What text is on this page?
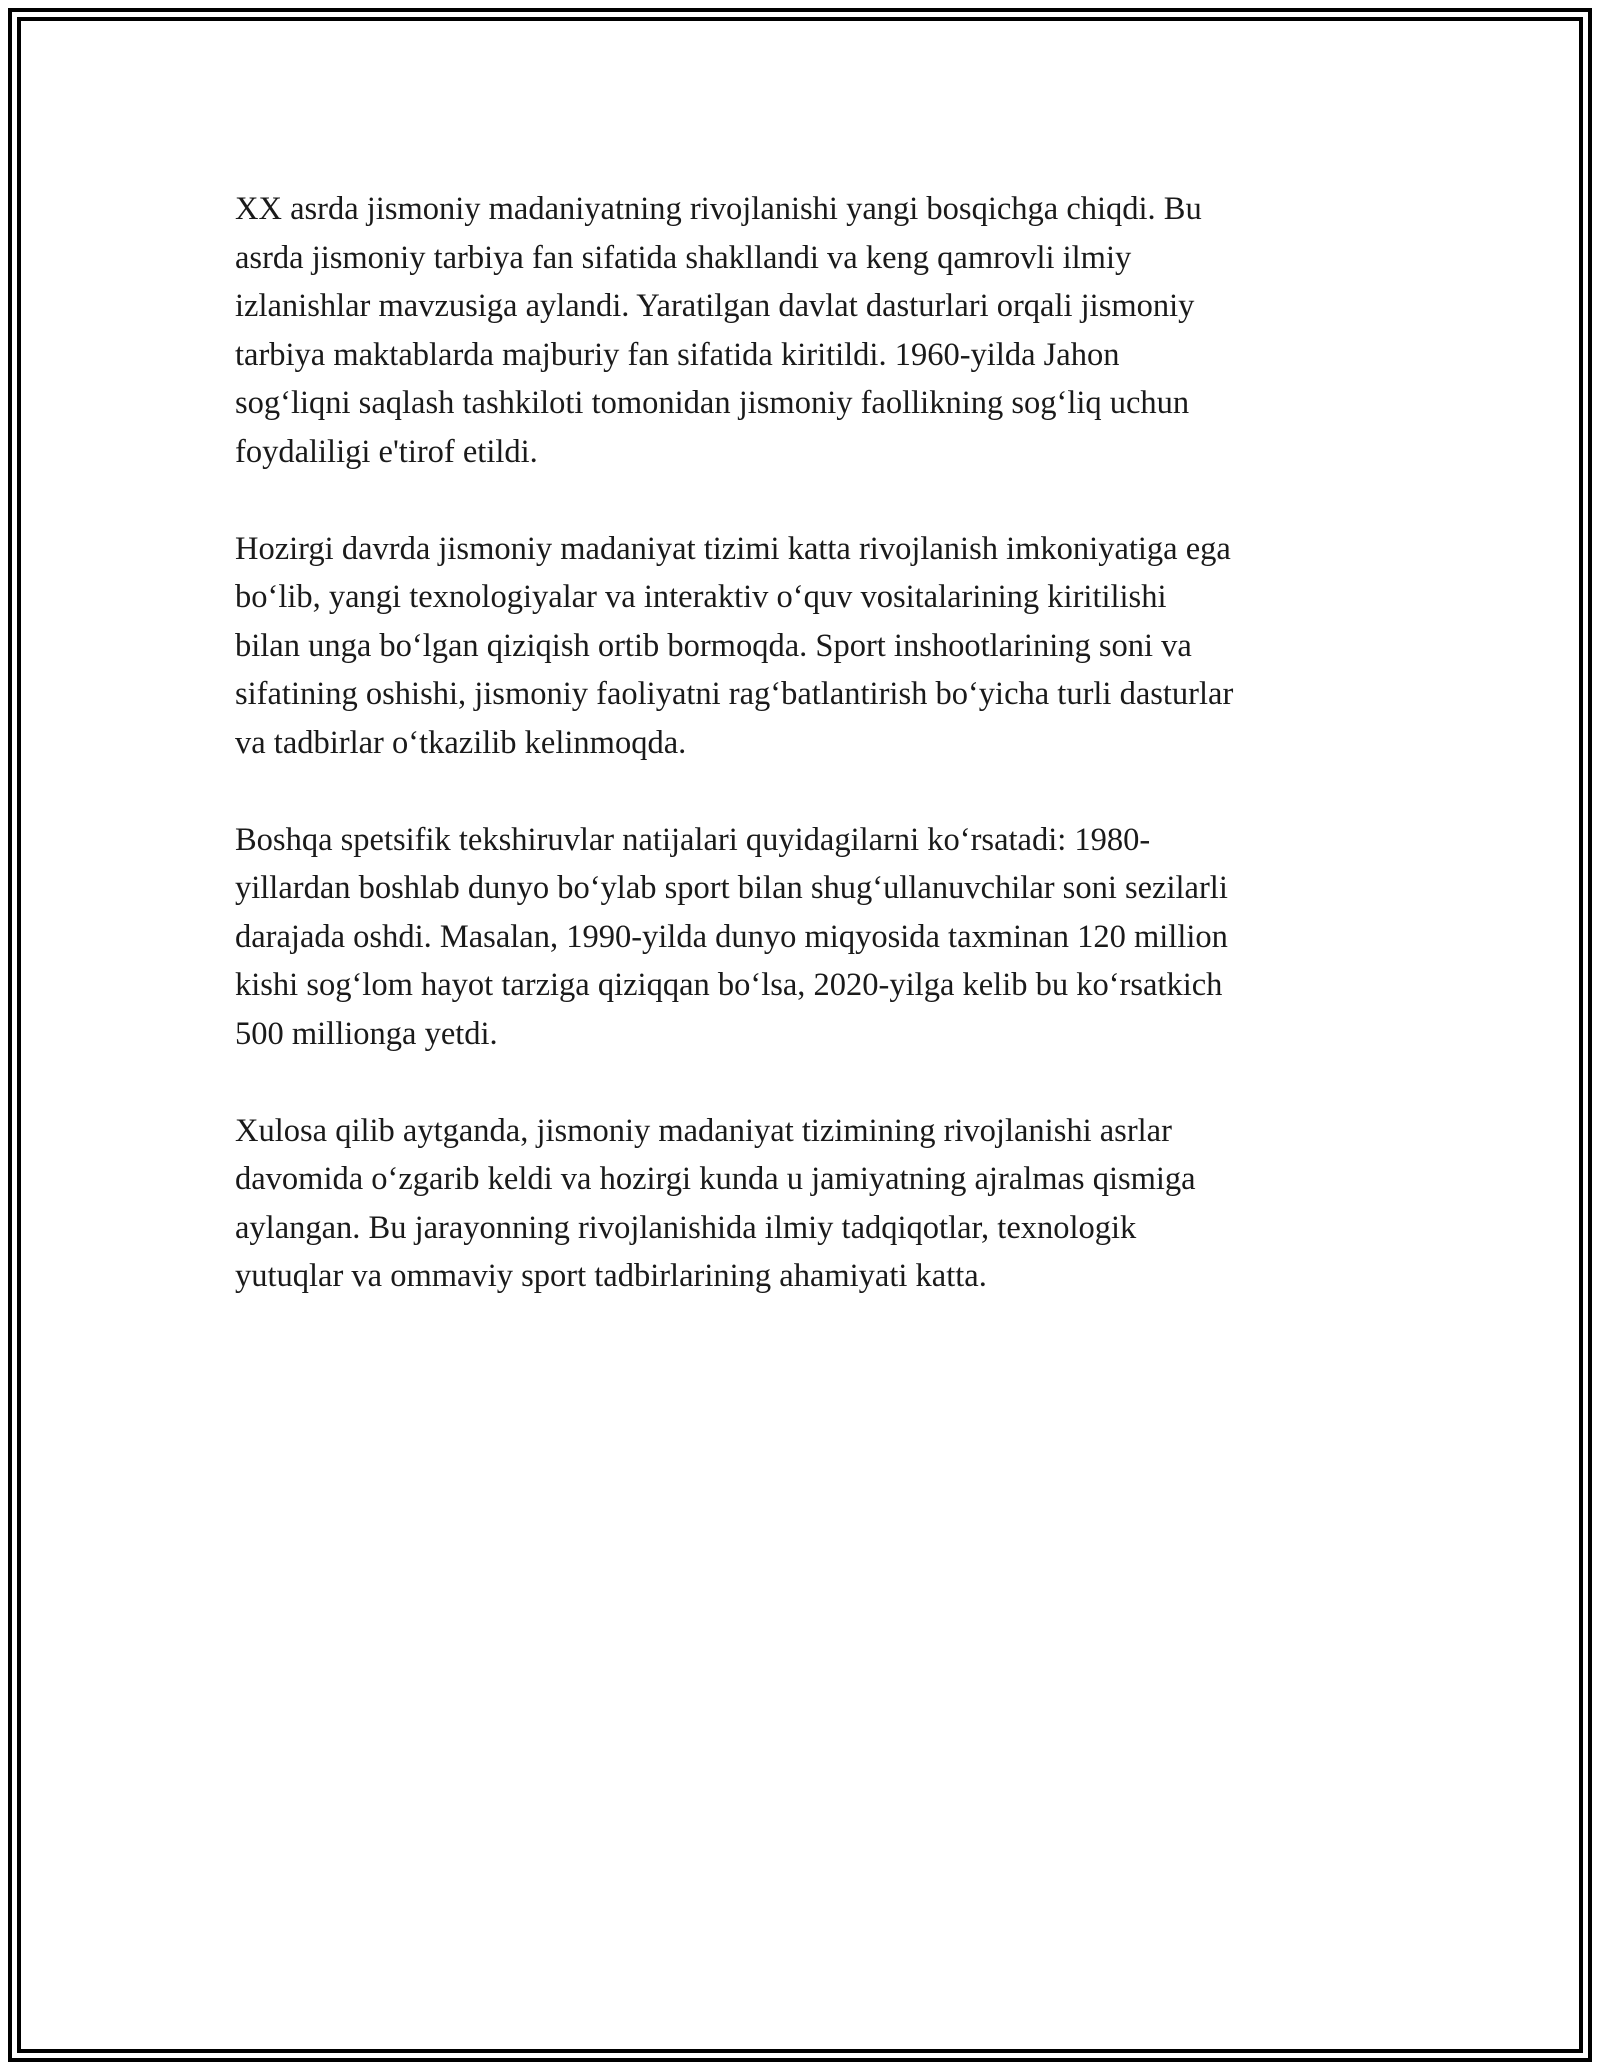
XX asrda jismoniy madaniyatning rivojlanishi yangi bosqichga chiqdi. Bu
asrda jismoniy tarbiya fan sifatida shakllandi va keng qamrovli ilmiy
izlanishlar mavzusiga aylandi. Yaratilgan davlat dasturlari orqali jismoniy
tarbiya maktablarda majburiy fan sifatida kiritildi. 1960-yilda Jahon
sog‘liqni saqlash tashkiloti tomonidan jismoniy faollikning sog‘liq uchun
foydaliligi e'tirof etildi.

Hozirgi davrda jismoniy madaniyat tizimi katta rivojlanish imkoniyatiga ega
bo‘lib, yangi texnologiyalar va interaktiv o‘quv vositalarining kiritilishi
bilan unga bo‘lgan qiziqish ortib bormoqda. Sport inshootlarining soni va
sifatining oshishi, jismoniy faoliyatni rag‘batlantirish bo‘yicha turli dasturlar
va tadbirlar o‘tkazilib kelinmoqda.

Boshqa spetsifik tekshiruvlar natijalari quyidagilarni ko‘rsatadi: 1980-
yillardan boshlab dunyo bo‘ylab sport bilan shug‘ullanuvchilar soni sezilarli
darajada oshdi. Masalan, 1990-yilda dunyo miqyosida taxminan 120 million
kishi sog‘lom hayot tarziga qiziqqan bo‘lsa, 2020-yilga kelib bu ko‘rsatkich
500 millionga yetdi.

Xulosa qilib aytganda, jismoniy madaniyat tizimining rivojlanishi asrlar
davomida o‘zgarib keldi va hozirgi kunda u jamiyatning ajralmas qismiga
aylangan. Bu jarayonning rivojlanishida ilmiy tadqiqotlar, texnologik
yutuqlar va ommaviy sport tadbirlarining ahamiyati katta.
